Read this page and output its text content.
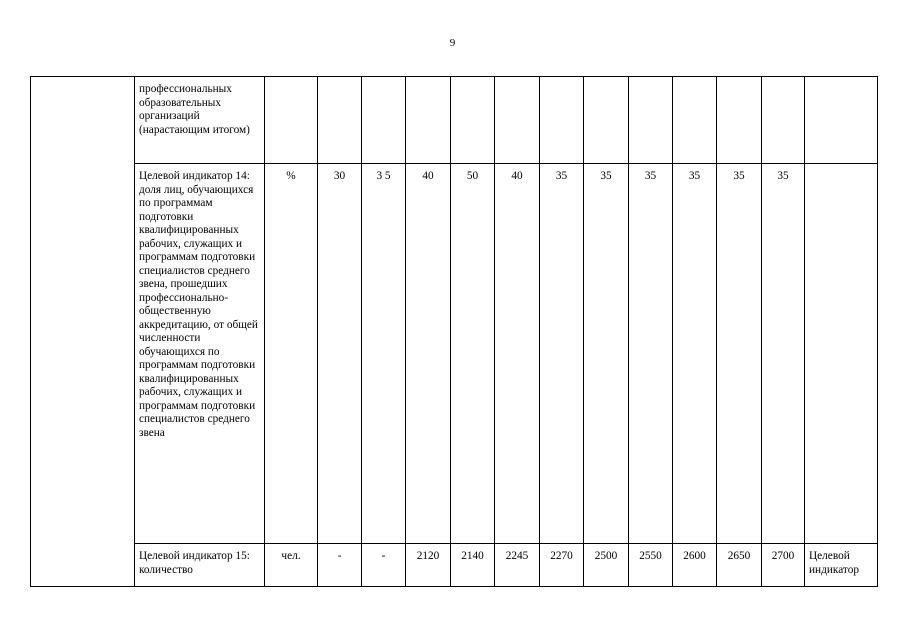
9
	профессиональных образовательных организаций (нарастающим итогом)													
	Целевой индикатор 14: доля лиц, обучающихся по программам подготовки квалифицированных рабочих, служащих и программам подготовки специалистов среднего звена, прошедших профессионально-общественную аккредитацию, от общей численности обучающихся по программам подготовки квалифицированных рабочих, служащих и программам подготовки специалистов среднего звена	%	30	3 5	40	50	40	35	35	35	35	35	35	
	Целевой индикатор 15: количество	чел.	-	-	2120	2140	2245	2270	2500	2550	2600	2650	2700	Целевой индикатор
